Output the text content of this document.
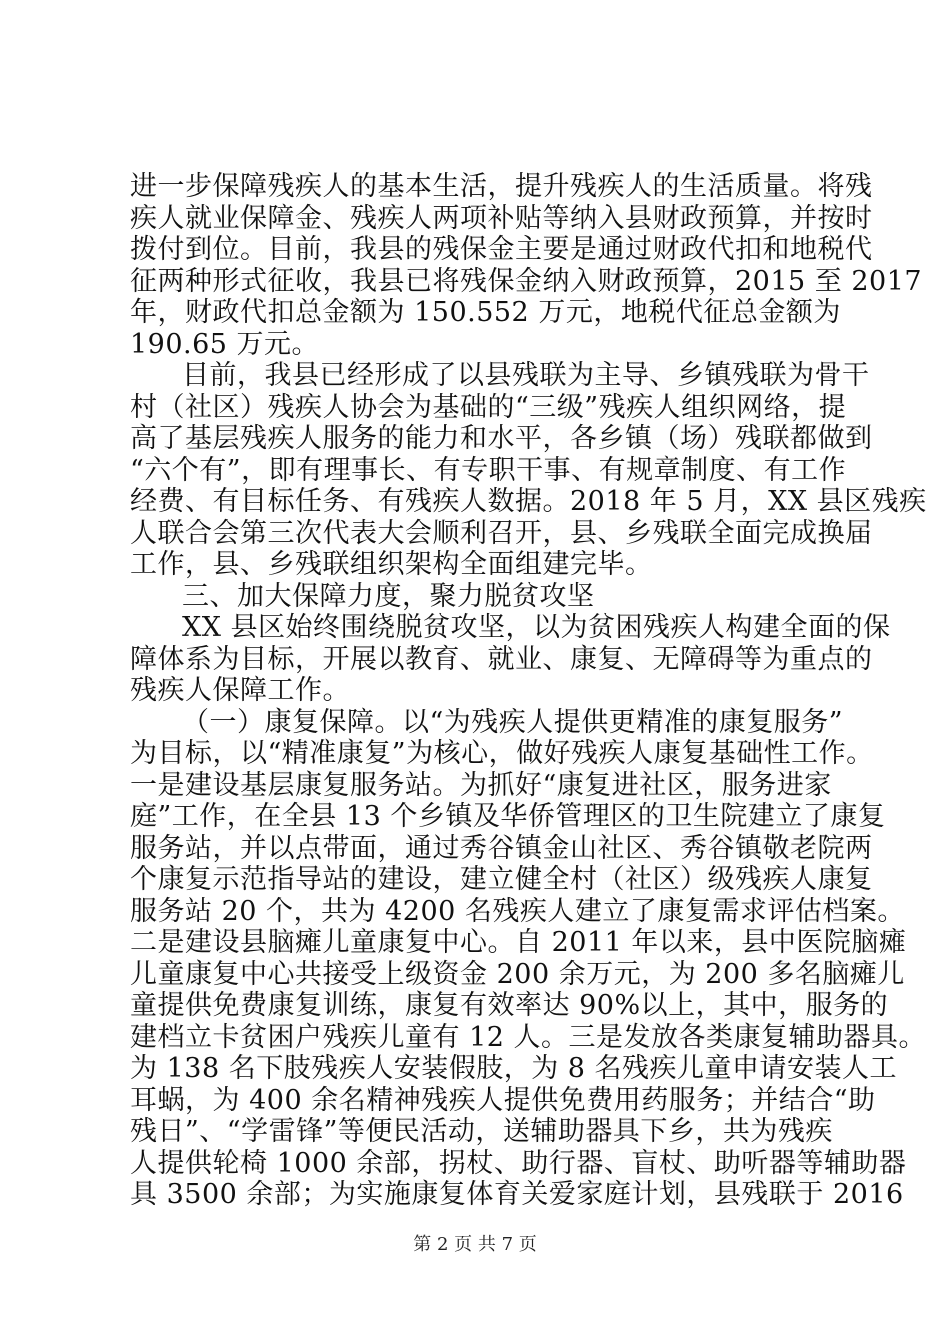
进一步保障残疾人的基本生活，提升残疾人的生活质量。将残
疾人就业保障金、残疾人两项补贴等纳入县财政预算，并按时
拨付到位。目前，我县的残保金主要是通过财政代扣和地税代
征两种形式征收，我县已将残保金纳入财政预算，2015 至 2017
年，财政代扣总金额为 150.552 万元，地税代征总金额为
190.65 万元。
目前，我县已经形成了以县残联为主导、乡镇残联为骨干
村（社区）残疾人协会为基础的“三级”残疾人组织网络，提
高了基层残疾人服务的能力和水平，各乡镇（场）残联都做到
“六个有”，即有理事长、有专职干事、有规章制度、有工作
经费、有目标任务、有残疾人数据。2018 年 5 月，XX 县区残疾
人联合会第三次代表大会顺利召开，县、乡残联全面完成换届
工作，县、乡残联组织架构全面组建完毕。
三、加大保障力度，聚力脱贫攻坚
XX 县区始终围绕脱贫攻坚，以为贫困残疾人构建全面的保
障体系为目标，开展以教育、就业、康复、无障碍等为重点的
残疾人保障工作。
（一）康复保障。以“为残疾人提供更精准的康复服务”
为目标，以“精准康复”为核心，做好残疾人康复基础性工作。
一是建设基层康复服务站。为抓好“康复进社区，服务进家
庭”工作，在全县 13 个乡镇及华侨管理区的卫生院建立了康复
服务站，并以点带面，通过秀谷镇金山社区、秀谷镇敬老院两
个康复示范指导站的建设，建立健全村（社区）级残疾人康复
服务站 20 个，共为 4200 名残疾人建立了康复需求评估档案。
二是建设县脑瘫儿童康复中心。自 2011 年以来，县中医院脑瘫
儿童康复中心共接受上级资金 200 余万元，为 200 多名脑瘫儿
童提供免费康复训练，康复有效率达 90%以上，其中，服务的
建档立卡贫困户残疾儿童有 12 人。三是发放各类康复辅助器具。
为 138 名下肢残疾人安装假肢，为 8 名残疾儿童申请安装人工
耳蜗，为 400 余名精神残疾人提供免费用药服务；并结合“助
残日”、“学雷锋”等便民活动，送辅助器具下乡，共为残疾
人提供轮椅 1000 余部，拐杖、助行器、盲杖、助听器等辅助器
具 3500 余部；为实施康复体育关爱家庭计划，县残联于 2016
第 2 页 共 7 页
